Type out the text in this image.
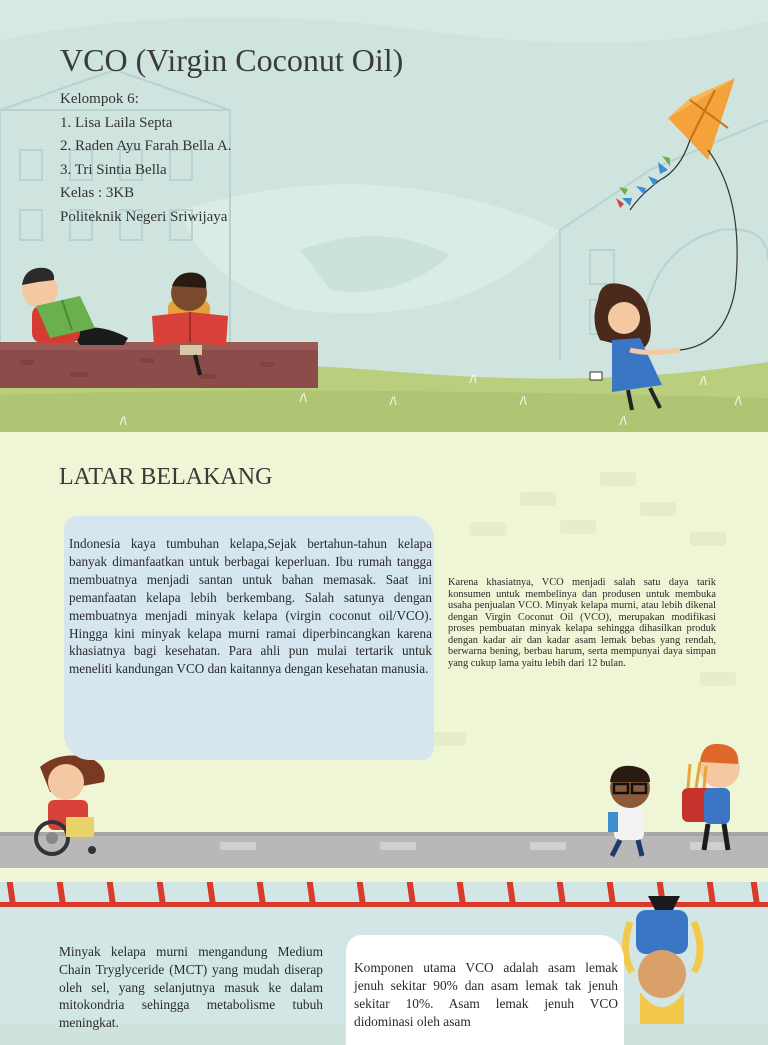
VCO (Virgin Coconut Oil)
Kelompok 6:
1. Lisa Laila Septa
2. Raden Ayu Farah Bella A.
3. Tri Sintia Bella
Kelas : 3KB
Politeknik Negeri Sriwijaya
LATAR BELAKANG
Indonesia kaya tumbuhan kelapa,Sejak bertahun-tahun kelapa banyak dimanfaatkan untuk berbagai keperluan. Ibu rumah tangga membuatnya menjadi santan untuk bahan memasak. Saat ini pemanfaatan kelapa lebih berkembang. Salah satunya dengan membuatnya menjadi minyak kelapa (virgin coconut oil/VCO). Hingga kini minyak kelapa murni ramai diperbincangkan karena khasiatnya bagi kesehatan. Para ahli pun mulai tertarik untuk meneliti kandungan VCO dan kaitannya dengan kesehatan manusia.
Karena khasiatnya, VCO menjadi salah satu daya tarik konsumen untuk membelinya dan produsen untuk membuka usaha penjualan VCO. Minyak kelapa murni, atau lebih dikenal dengan Virgin Coconut Oil (VCO), merupakan modifikasi proses pembuatan minyak kelapa sehingga dihasilkan produk dengan kadar air dan kadar asam lemak bebas yang rendah, berwarna bening, berbau harum, serta mempunyai daya simpan yang cukup lama yaitu lebih dari 12 bulan.
Minyak kelapa murni mengandung Medium Chain Tryglyceride (MCT) yang mudah diserap oleh sel, yang selanjutnya masuk ke dalam mitokondria sehingga metabolisme tubuh meningkat.
Komponen utama VCO adalah asam lemak jenuh sekitar 90% dan asam lemak tak jenuh sekitar 10%. Asam lemak jenuh VCO didominasi oleh asam
